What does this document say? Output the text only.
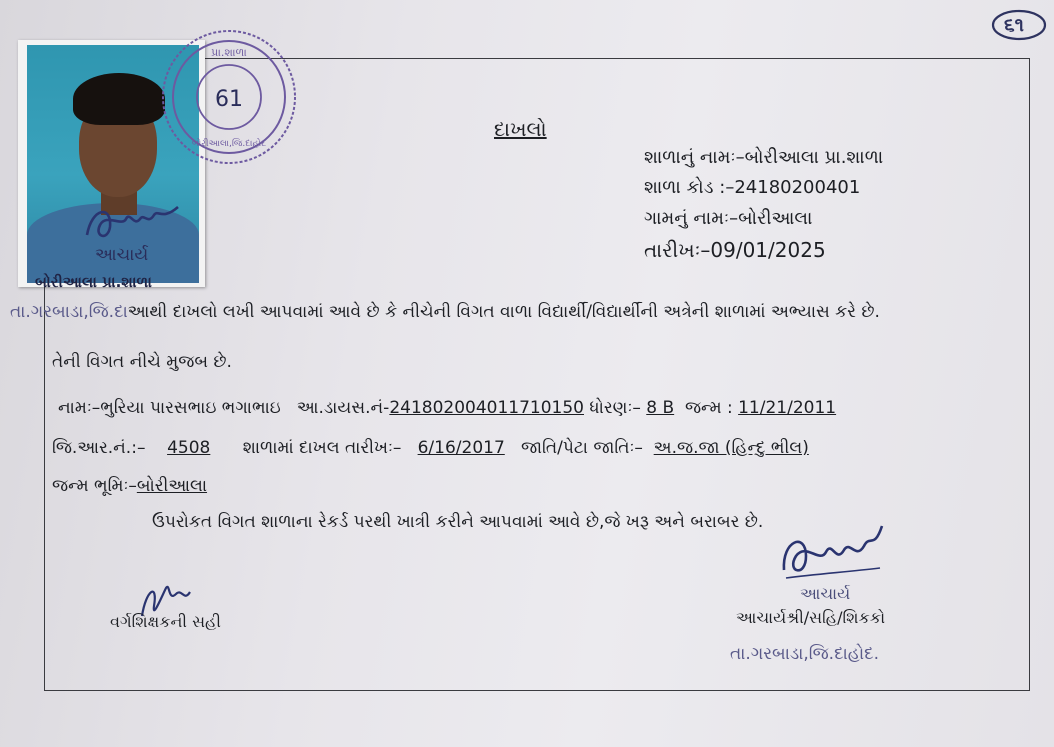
૬૧
આચાર્ય
બોરીઆલા પ્રા.શાળા
પ્રા.શાળા
61
બોરીઆલા,જિ.દાહોદ
દાખલો
શાળાનું નામઃ–બોરીઆલા પ્રા.શાળા
શાળા કોડ :–24180200401
ગામનું નામઃ–બોરીઆલા
તારીખઃ–09/01/2025
તા.ગરબાડા,જિ.દાઆથી દાખલો લખી આપવામાં આવે છે કે નીચેની વિગત વાળા વિદ્યાર્થી/વિદ્યાર્થીની અત્રેની શાળામાં અભ્યાસ કરે છે.
તેની વિગત નીચે મુજબ છે.
નામઃ–ભુરિયા પારસભાઇ ભગાભાઇ આ.ડાયસ.નં-241802004011710150 ધોરણઃ– 8 B જન્મ : 11/21/2011
જિ.આર.નં.:– 4508 શાળામાં દાખલ તારીખઃ– 6/16/2017 જાતિ/પેટા જાતિઃ– અ.જ.જા (હિન્દુ ભીલ)
જન્મ ભૂમિઃ–બોરીઆલા
ઉપરોકત વિગત શાળાના રેકર્ડ પરથી ખાત્રી કરીને આપવામાં આવે છે,જે ખરૂ અને બરાબર છે.
આચાર્ય
આચાર્યશ્રી/સહિ/શિકકો
તા.ગરબાડા,જિ.દાહોદ.
વર્ગશિક્ષકની સહી
